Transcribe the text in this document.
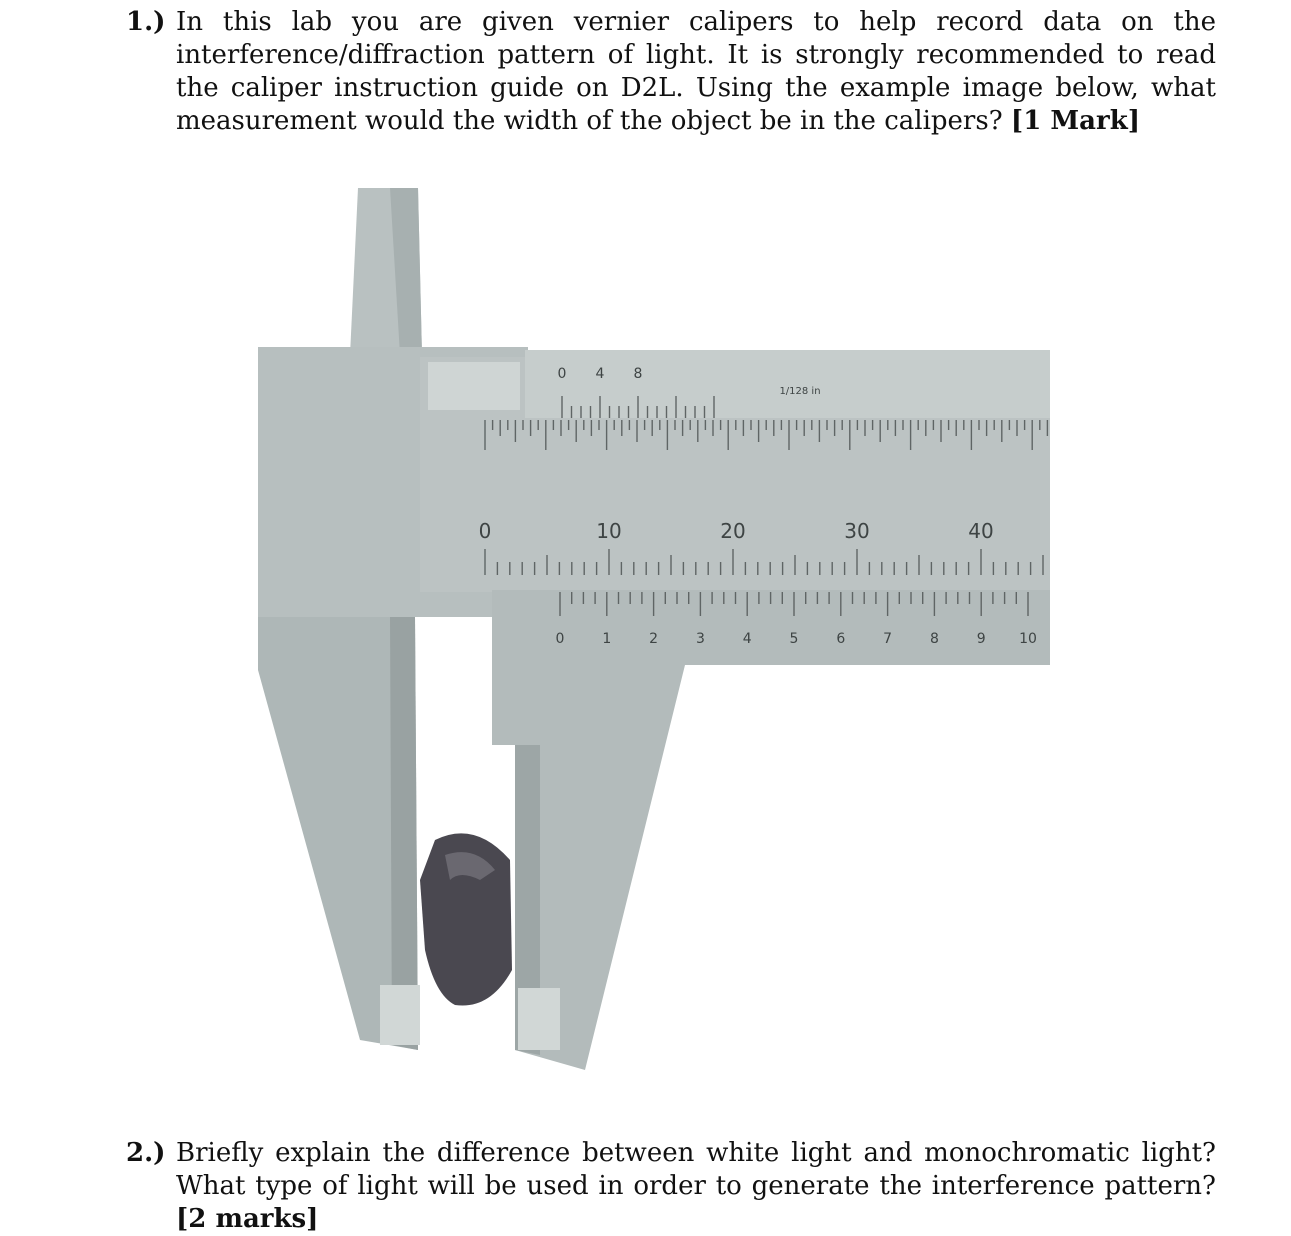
1.) In this lab you are given vernier calipers to help record data on the interference/diffraction pattern of light. It is strongly recommended to read the caliper instruction guide on D2L. Using the example image below, what measurement would the width of the object be in the calipers? [1 Mark]
0 4 8
1/128 in
0	10	20	30	40
0	1	2	3	4	5	6	7	8	9 10
2.) Briefly explain the difference between white light and monochromatic light? What type of light will be used in order to generate the interference pattern? [2 marks]
